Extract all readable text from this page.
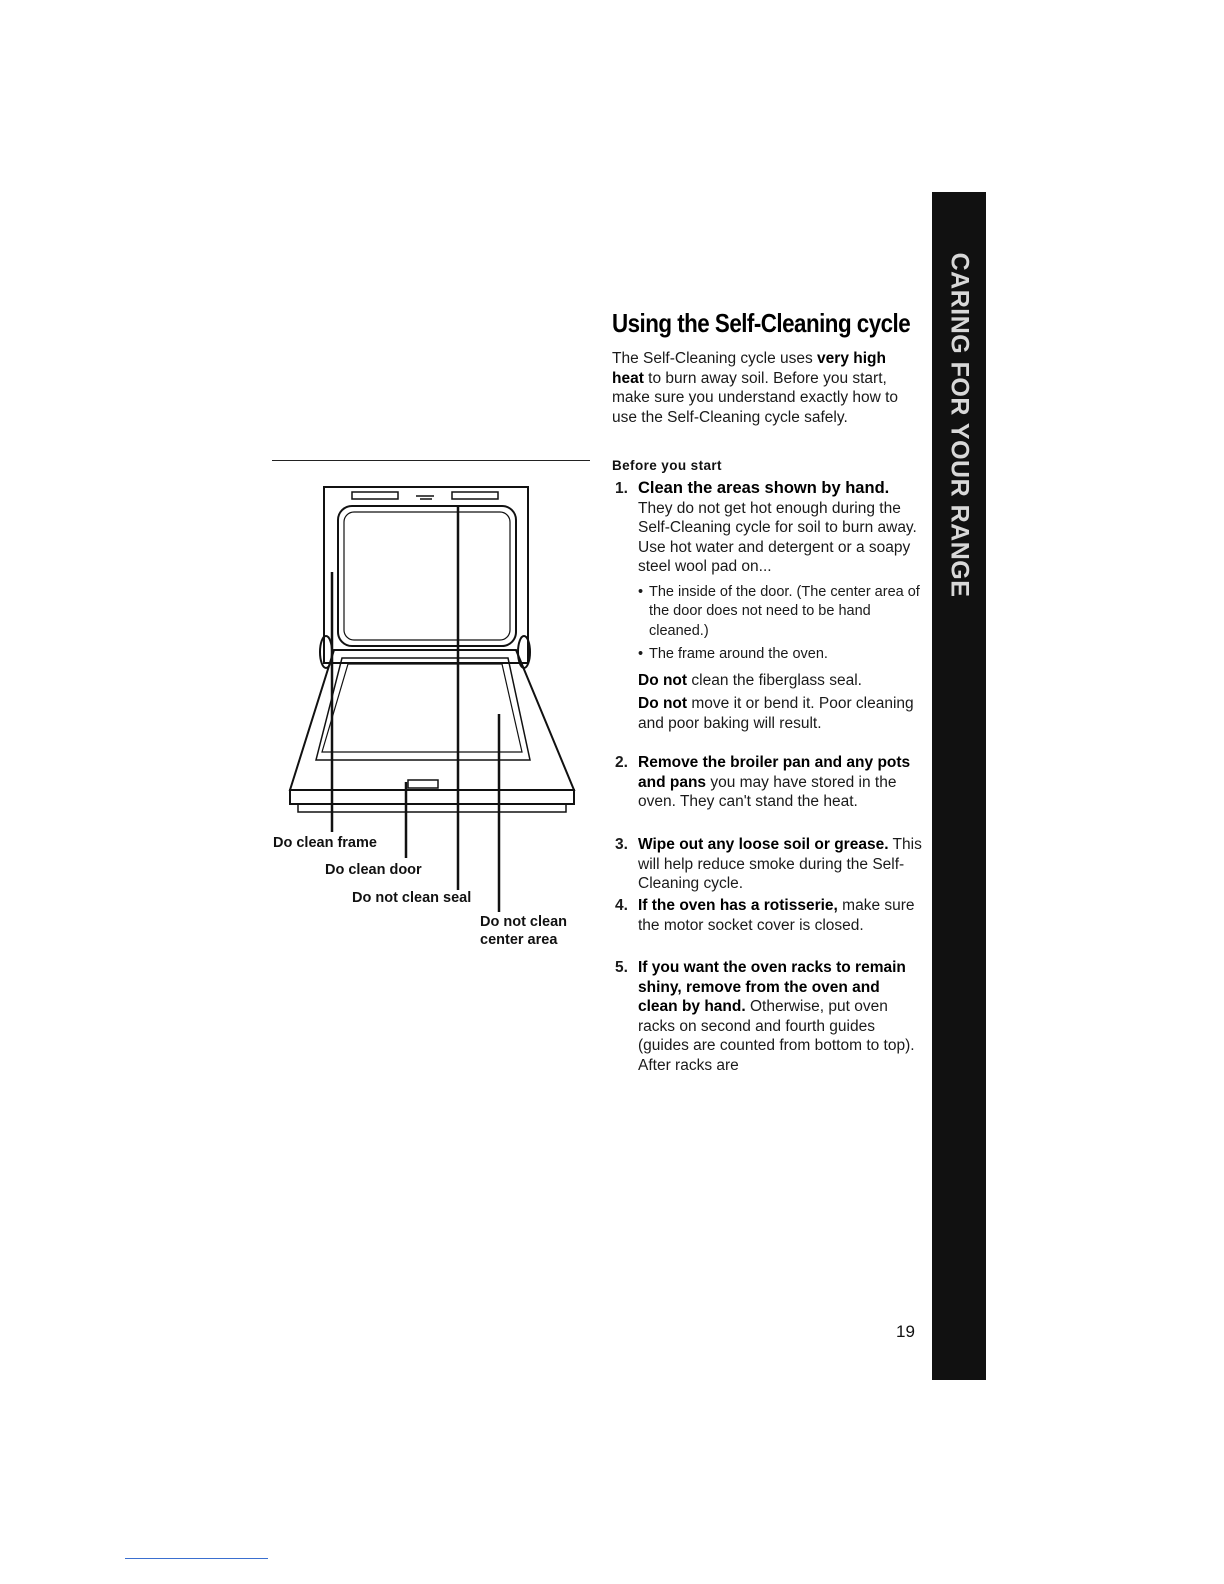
Do clean frame
Do clean door
Do not clean seal
Do not clean
center area
Using the Self-Cleaning cycle
The Self-Cleaning cycle uses very high heat to burn away soil. Before you start, make sure you understand exactly how to use the Self-Cleaning cycle safely.
Before you start
1. Clean the areas shown by hand. They do not get hot enough during the Self-Cleaning cycle for soil to burn away. Use hot water and detergent or a soapy steel wool pad on...
• The inside of the door. (The center area of the door does not need to be hand cleaned.)
• The frame around the oven.
Do not clean the fiberglass seal.
Do not move it or bend it. Poor cleaning and poor baking will result.
2. Remove the broiler pan and any pots and pans you may have stored in the oven. They can't stand the heat.
3. Wipe out any loose soil or grease. This will help reduce smoke during the Self-Cleaning cycle.
4. If the oven has a rotisserie, make sure the motor socket cover is closed.
5. If you want the oven racks to remain shiny, remove from the oven and clean by hand. Otherwise, put oven racks on second and fourth guides (guides are counted from bottom to top). After racks are
CARING FOR YOUR RANGE
19
